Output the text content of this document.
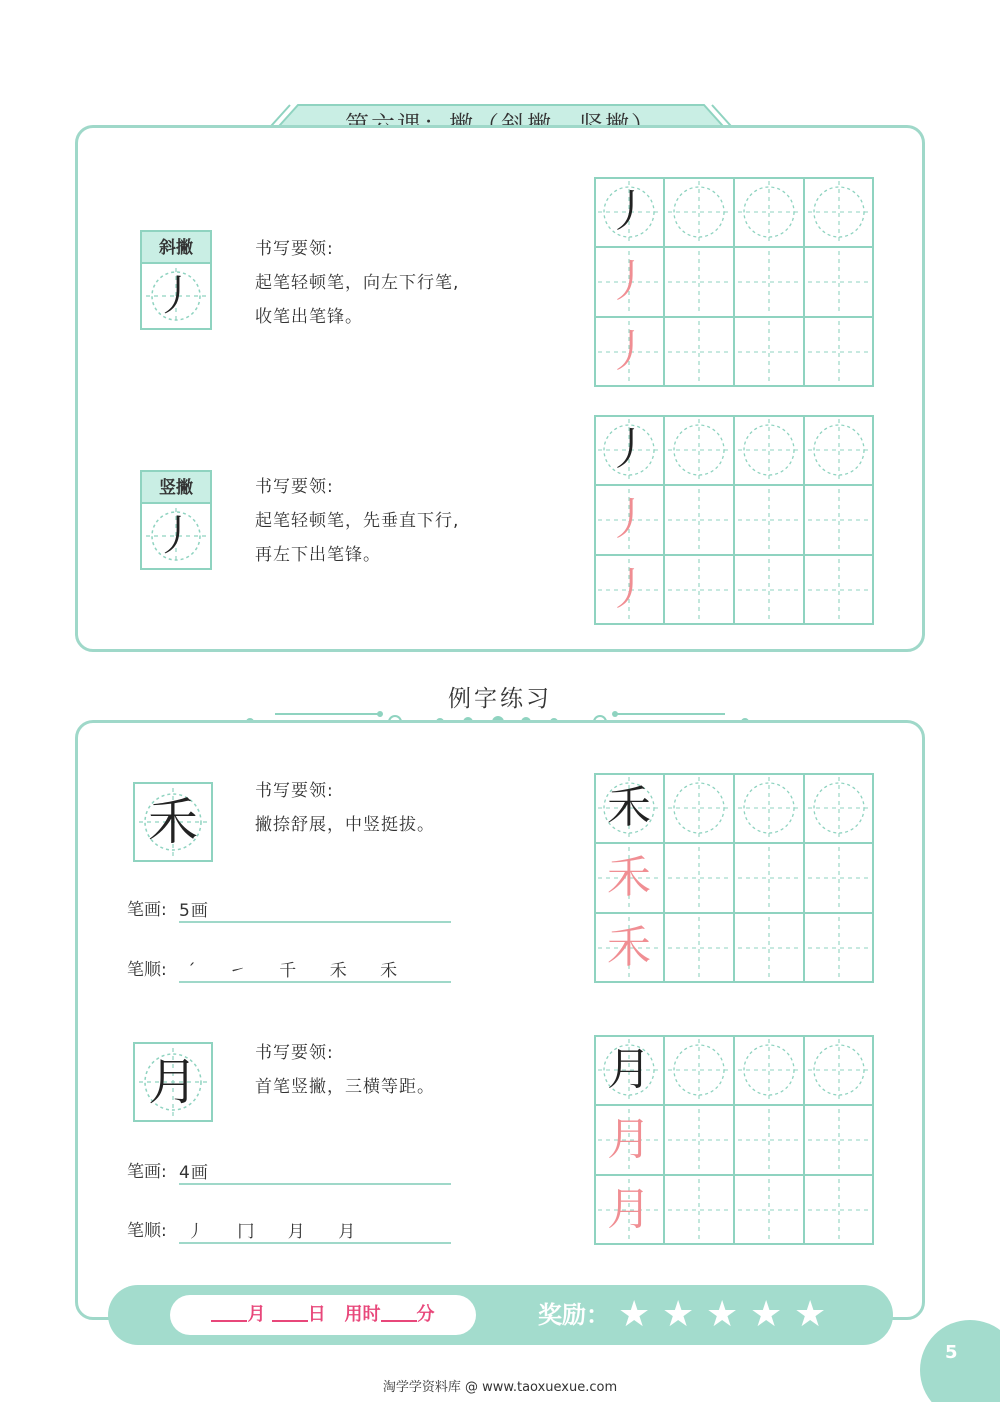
斜撇
丿
书写要领:
起笔轻顿笔，向左下行笔,
收笔出笔锋。
竖撇
丿
书写要领:
起笔轻顿笔，先垂直下行,
再左下出笔锋。
丿
丿
丿
丿
丿
丿
例字练习
禾
书写要领:
撇捺舒展，中竖挺拔。
笔画: 5画
笔顺: ˊ ㇀ 千 禾 禾
禾
禾
禾
月	书写要领:
首笔竖撇，三横等距。
笔画: 4画
笔顺: 丿 冂 月 月
月
月
月
月 日 用时 分	奖励： ★ ★ ★ ★ ★
5
淘学学资料库 @ www.taoxuexue.com
